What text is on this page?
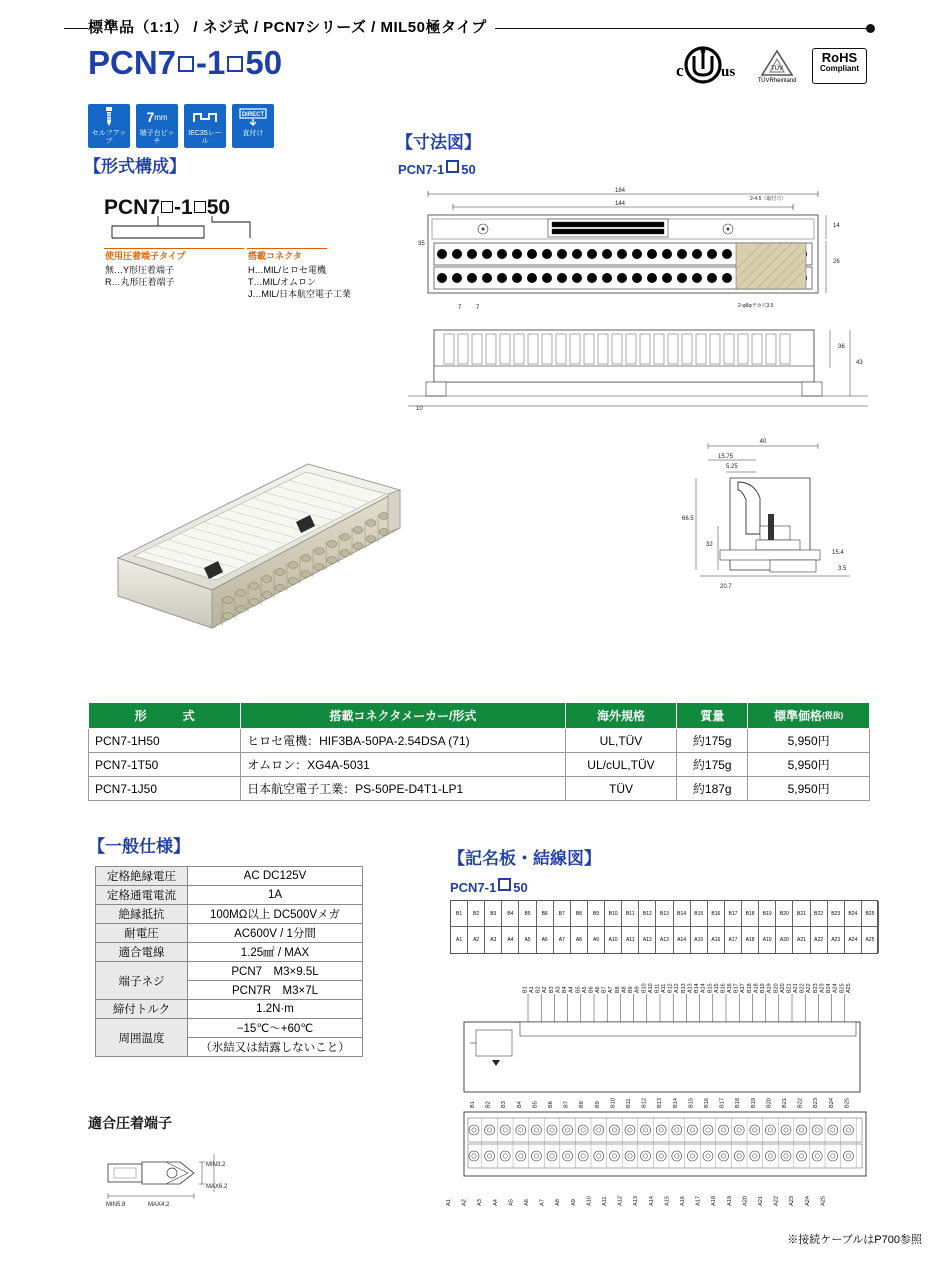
標準品（1:1） / ネジ式 / PCN7シリーズ / MIL50極タイプ
PCN7 -1 50	c us	TÜV
TÜVRheinland
RoHS
Compliant
セルフアップ
7 mm
端子台ピッチ
IEC35レール
DIRECT
直付け
【形式構成】
PCN7 -1 50
使用圧着端子タイプ
無…Y形圧着端子
R…丸形圧着端子
搭載コネクタ
H…MIL/ヒロセ電機
T…MIL/オムロン
J…MIL/日本航空電子工業
【寸法図】
PCN7-1 50
184
144
14
26
35
2-4.5（取付穴）
2-φ8φデカ穴3.5
7 7
36
43
10
40
15.75
5.25
66.5
32
20.7
15.4
3.5
形　　　式	搭載コネクタメーカー/形式	海外規格	質量	標準価格(税抜)
PCN7-1H50	ヒロセ電機：HIF3BA-50PA-2.54DSA (71)	UL,TÜV	約175g	5,950円
PCN7-1T50	オムロン：XG4A-5031	UL/cUL,TÜV	約175g	5,950円
PCN7-1J50	日本航空電子工業：PS-50PE-D4T1-LP1	TÜV	約187g	5,950円
【一般仕様】
定格絶縁電圧	AC DC125V
定格通電電流	1A
絶縁抵抗	100MΩ以上 DC500Vメガ
耐電圧	AC600V / 1分間
適合電線	1.25㎟ / MAX
端子ネジ	PCN7　M3×9.5L
	PCN7R　M3×7L
締付トルク	1.2N·m
周囲温度	−15℃～+60℃
	（氷結又は結露しないこと）
適合圧着端子
MIN3.2
MAX6.2
MIN5.8	MAX4.2
【記名板・結線図】
PCN7-1 50
B1	B2	B3	B4	B5	B6	B7	B8	B9	B10	B11	B12	B13	B14	B15	B16	B17	B18	B19	B20	B21	B22	B23	B24	B25
A1	A2	A3	A4	A5	A6	A7	A8	A9	A10	A11	A12	A13	A14	A15	A16	A17	A18	A19	A20	A21	A22	A23	A24	A25
B1 A1 B2 A2 B3 A3 B4 A4 B5 A5 B6 A6 B7 A7 B8 A8 B9 A9 B10 A10 B11 A11 B12 A12 B13 A13 B14 A14 B15 A15 B16 A16 B17 A17 B18 A18 B19 A19 B20 A20 B21 A21 B22 A22 B23 A23 B24 A24 B25 A25
B1
A1
B2
A2
B3
A3
B4
A4
B5
A5
B6
A6
B7
A7
B8
A8
B9
A9
B10
A10
B11
A11
B12
A12
B13
A13
B14
A14
B15
A15
B16
A16
B17
A17
B18
A18
B19
A19
B20
A20
B21
A21
B22
A22
B23
A23
B24
A24
B25
A25
※接続ケーブルはP700参照
